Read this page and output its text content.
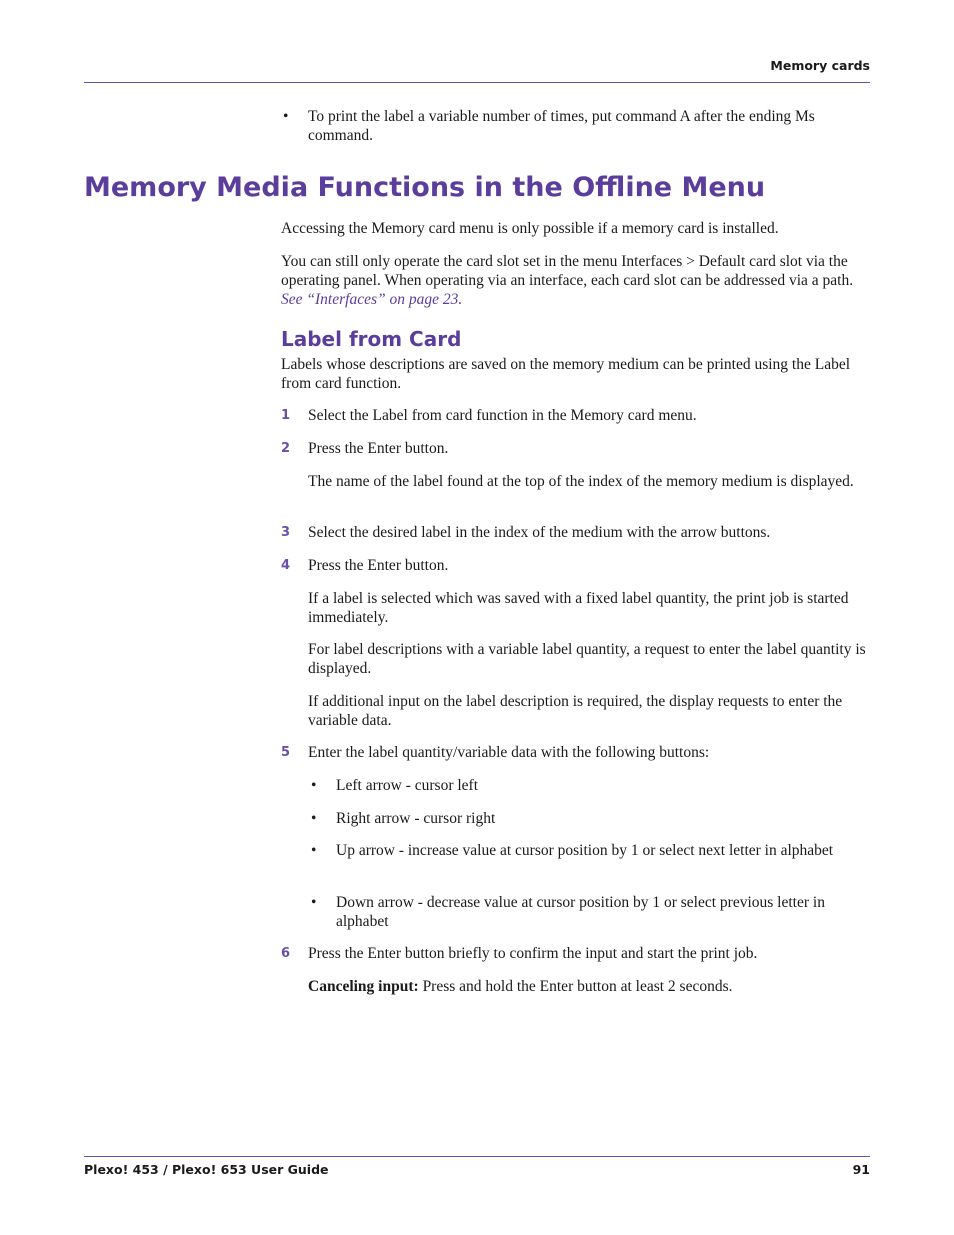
Memory cards
• To print the label a variable number of times, put command A after the ending Ms command.
Memory Media Functions in the Offline Menu
Accessing the Memory card menu is only possible if a memory card is installed.
You can still only operate the card slot set in the menu Interfaces > Default card slot via the operating panel. When operating via an interface, each card slot can be addressed via a path. See “Interfaces” on page 23.
Label from Card
Labels whose descriptions are saved on the memory medium can be printed using the Label from card function.
1 Select the Label from card function in the Memory card menu.
2 Press the Enter button.
The name of the label found at the top of the index of the memory medium is displayed.
3 Select the desired label in the index of the medium with the arrow buttons.
4 Press the Enter button.
If a label is selected which was saved with a fixed label quantity, the print job is started immediately.
For label descriptions with a variable label quantity, a request to enter the label quantity is displayed.
If additional input on the label description is required, the display requests to enter the variable data.
5 Enter the label quantity/variable data with the following buttons:
• Left arrow - cursor left
• Right arrow - cursor right
• Up arrow - increase value at cursor position by 1 or select next letter in alphabet
• Down arrow - decrease value at cursor position by 1 or select previous letter in alphabet
6 Press the Enter button briefly to confirm the input and start the print job.
Canceling input: Press and hold the Enter button at least 2 seconds.
Plexo! 453 / Plexo! 653 User Guide	91
